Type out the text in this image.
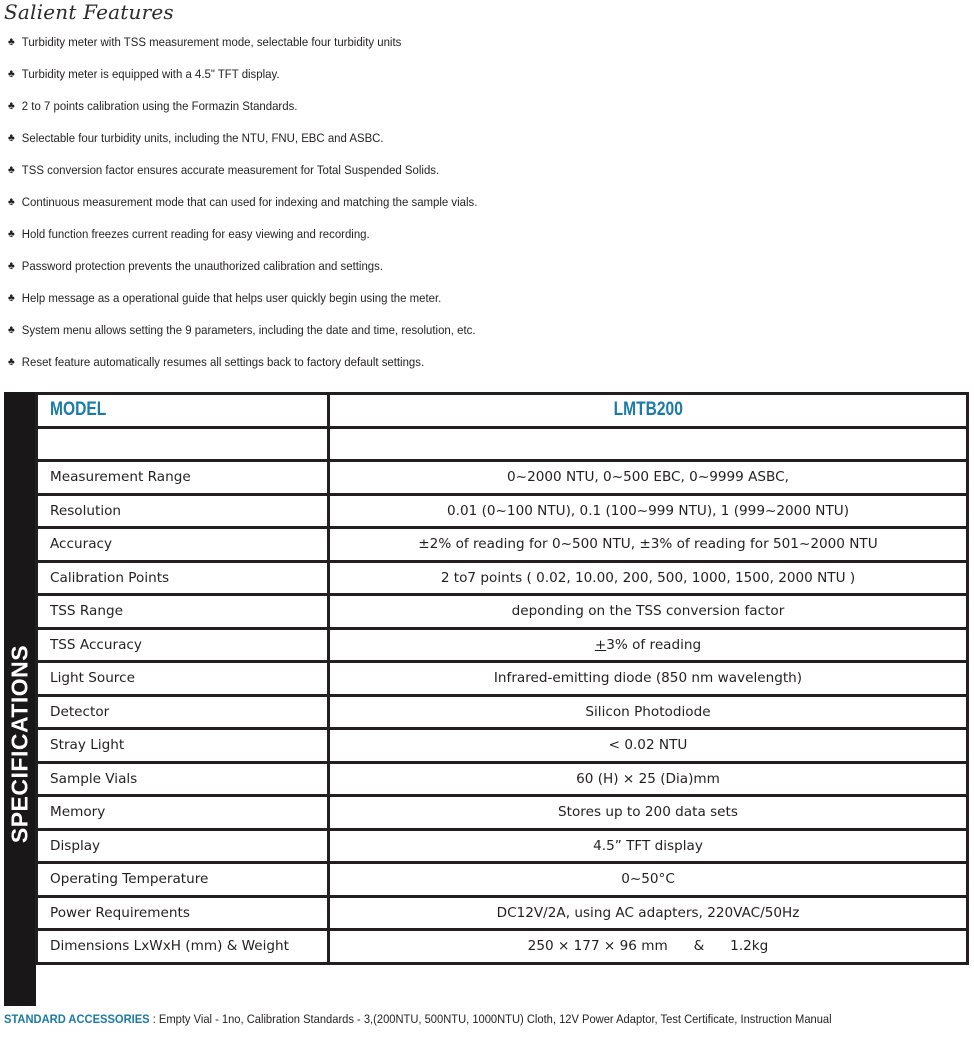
Salient Features
♣ Turbidity meter with TSS measurement mode, selectable four turbidity units
♣ Turbidity meter is equipped with a 4.5" TFT display.
♣ 2 to 7 points calibration using the Formazin Standards.
♣ Selectable four turbidity units, including the NTU, FNU, EBC and ASBC.
♣ TSS conversion factor ensures accurate measurement for Total Suspended Solids.
♣ Continuous measurement mode that can used for indexing and matching the sample vials.
♣ Hold function freezes current reading for easy viewing and recording.
♣ Password protection prevents the unauthorized calibration and settings.
♣ Help message as a operational guide that helps user quickly begin using the meter.
♣ System menu allows setting the 9 parameters, including the date and time, resolution, etc.
♣ Reset feature automatically resumes all settings back to factory default settings.
SPECIFICATIONS
MODEL	LMTB200

Measurement Range	0~2000 NTU, 0~500 EBC, 0~9999 ASBC,
Resolution	0.01 (0~100 NTU), 0.1 (100~999 NTU), 1 (999~2000 NTU)
Accuracy	±2% of reading for 0~500 NTU, ±3% of reading for 501~2000 NTU
Calibration Points	2 to7 points ( 0.02, 10.00, 200, 500, 1000, 1500, 2000 NTU )
TSS Range	deponding on the TSS conversion factor
TSS Accuracy	+3% of reading
Light Source	Infrared-emitting diode (850 nm wavelength)
Detector	Silicon Photodiode
Stray Light	< 0.02 NTU
Sample Vials	60 (H) × 25 (Dia)mm
Memory	Stores up to 200 data sets
Display	4.5” TFT display
Operating Temperature	0~50°C
Power Requirements	DC12V/2A, using AC adapters, 220VAC/50Hz
Dimensions LxWxH (mm) & Weight	250 × 177 × 96 mm      &      1.2kg
STANDARD ACCESSORIES : Empty Vial - 1no, Calibration Standards - 3,(200NTU, 500NTU, 1000NTU) Cloth, 12V Power Adaptor, Test Certificate, Instruction Manual
